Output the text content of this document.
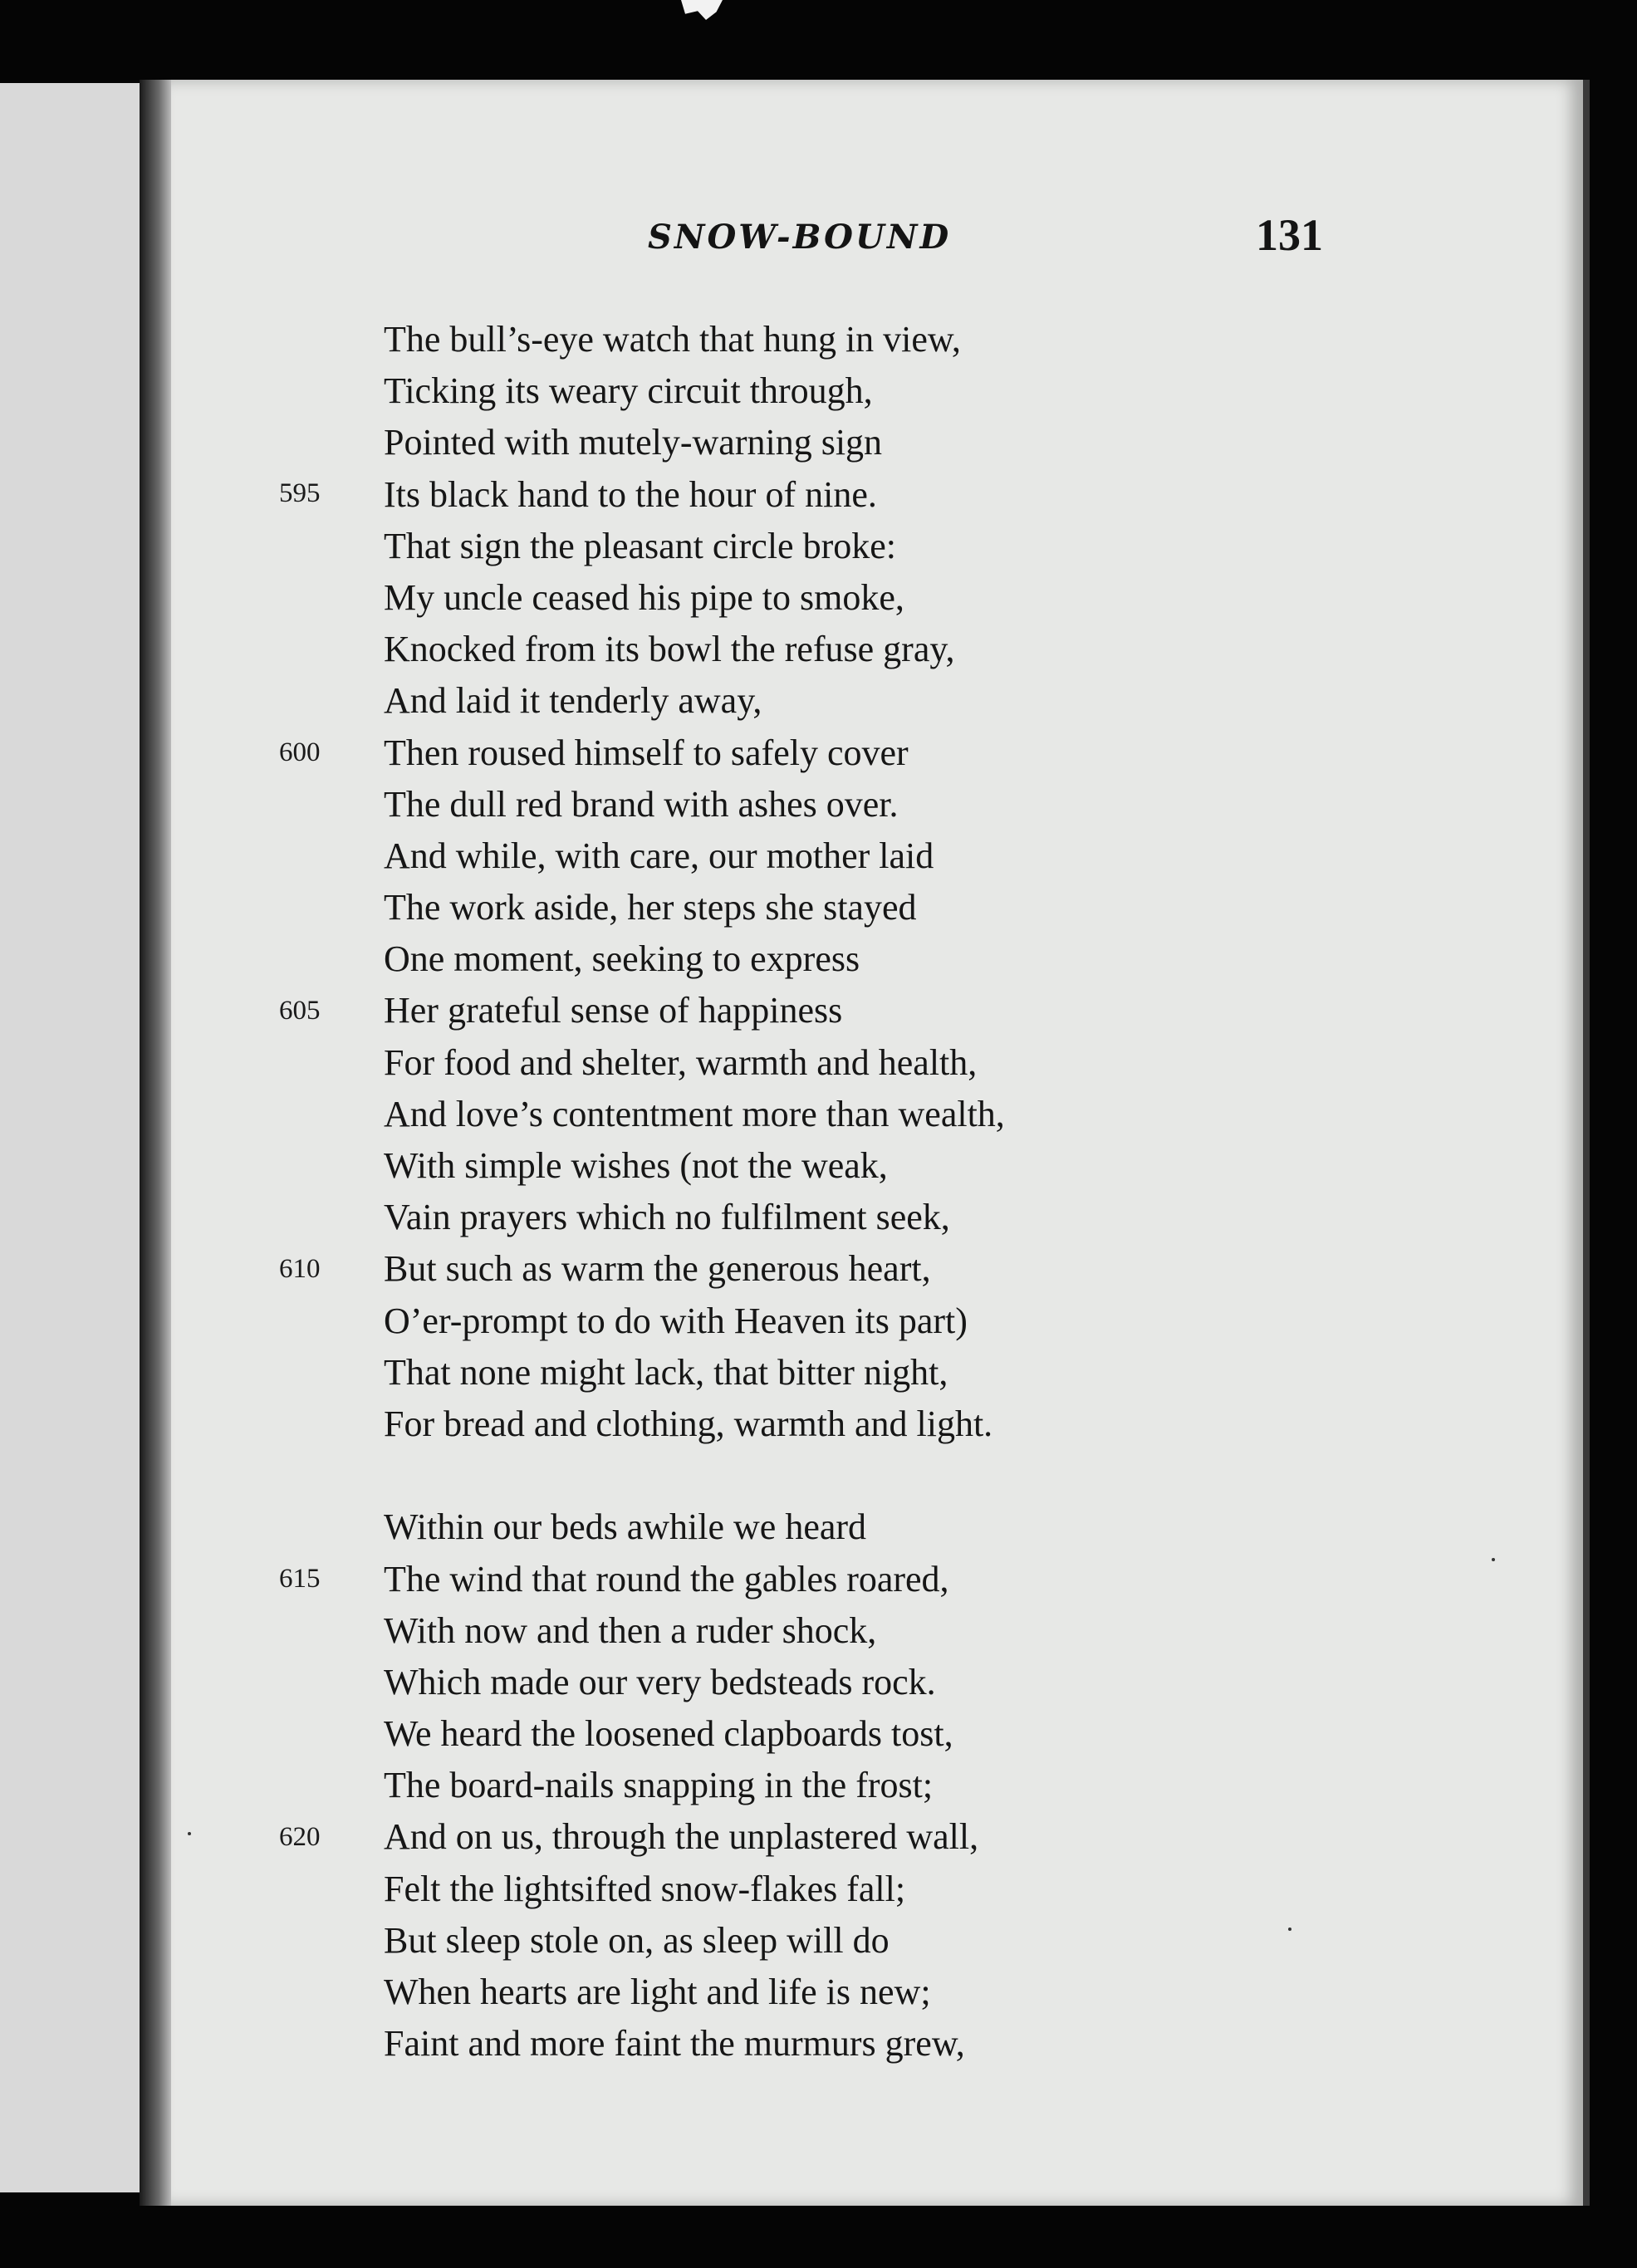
SNOW-BOUND	131
595
600
605
610
615
620
The bull’s-eye watch that hung in view,
Ticking its weary circuit through,
Pointed with mutely-warning sign
Its black hand to the hour of nine.
That sign the pleasant circle broke:
My uncle ceased his pipe to smoke,
Knocked from its bowl the refuse gray,
And laid it tenderly away,
Then roused himself to safely cover
The dull red brand with ashes over.
And while, with care, our mother laid
The work aside, her steps she stayed
One moment, seeking to express
Her grateful sense of happiness
For food and shelter, warmth and health,
And love’s contentment more than wealth,
With simple wishes (not the weak,
Vain prayers which no fulfilment seek,
But such as warm the generous heart,
O’er-prompt to do with Heaven its part)
That none might lack, that bitter night,
For bread and clothing, warmth and light.
Within our beds awhile we heard
The wind that round the gables roared,
With now and then a ruder shock,
Which made our very bedsteads rock.
We heard the loosened clapboards tost,
The board-nails snapping in the frost;
And on us, through the unplastered wall,
Felt the lightsifted snow-flakes fall;
But sleep stole on, as sleep will do
When hearts are light and life is new;
Faint and more faint the murmurs grew,
